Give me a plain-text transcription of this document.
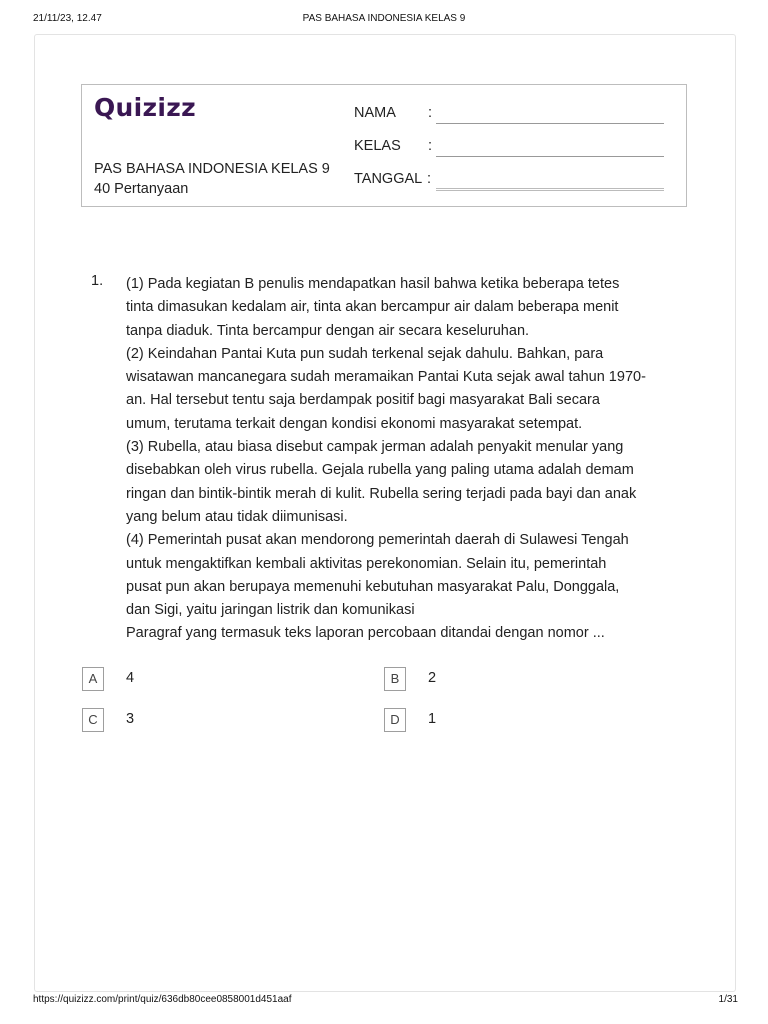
21/11/23, 12.47	PAS BAHASA INDONESIA KELAS 9
Quizizz
PAS BAHASA INDONESIA KELAS 9
40 Pertanyaan
NAMA :
KELAS :
TANGGAL :
1. (1) Pada kegiatan B penulis mendapatkan hasil bahwa ketika beberapa tetes
tinta dimasukan kedalam air, tinta akan bercampur air dalam beberapa menit
tanpa diaduk. Tinta bercampur dengan air secara keseluruhan.
(2) Keindahan Pantai Kuta pun sudah terkenal sejak dahulu. Bahkan, para
wisatawan mancanegara sudah meramaikan Pantai Kuta sejak awal tahun 1970-
an. Hal tersebut tentu saja berdampak positif bagi masyarakat Bali secara
umum, terutama terkait dengan kondisi ekonomi masyarakat setempat.
(3) Rubella, atau biasa disebut campak jerman adalah penyakit menular yang
disebabkan oleh virus rubella. Gejala rubella yang paling utama adalah demam
ringan dan bintik-bintik merah di kulit. Rubella sering terjadi pada bayi dan anak
yang belum atau tidak diimunisasi.
(4) Pemerintah pusat akan mendorong pemerintah daerah di Sulawesi Tengah
untuk mengaktifkan kembali aktivitas perekonomian. Selain itu, pemerintah
pusat pun akan berupaya memenuhi kebutuhan masyarakat Palu, Donggala,
dan Sigi, yaitu jaringan listrik dan komunikasi
Paragraf yang termasuk teks laporan percobaan ditandai dengan nomor ...
A	4	B	2
C	3	D	1
https://quizizz.com/print/quiz/636db80cee0858001d451aaf	1/31
